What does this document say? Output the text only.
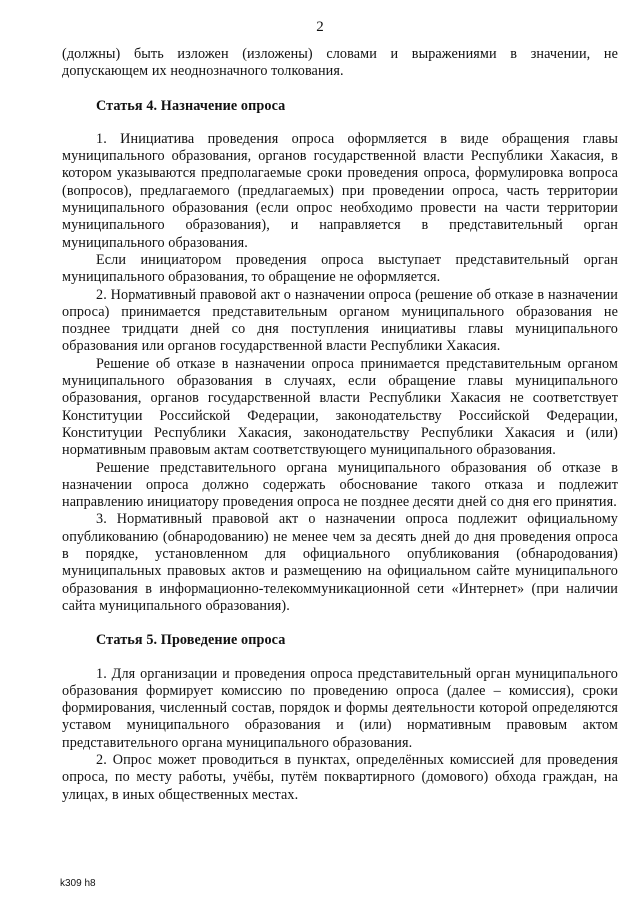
2

(должны) быть изложен (изложены) словами и выражениями в значении, не допускающем их неоднозначного толкования.

Статья 4. Назначение опроса

1. Инициатива проведения опроса оформляется в виде обращения главы муниципального образования, органов государственной власти Республики Хакасия, в котором указываются предполагаемые сроки проведения опроса, формулировка вопроса (вопросов), предлагаемого (предлагаемых) при проведении опроса, часть территории муниципального образования (если опрос необходимо провести на части территории муниципального образования), и направляется в представительный орган муниципального образования.

Если инициатором проведения опроса выступает представительный орган муниципального образования, то обращение не оформляется.

2. Нормативный правовой акт о назначении опроса (решение об отказе в назначении опроса) принимается представительным органом муниципального образования не позднее тридцати дней со дня поступления инициативы главы муниципального образования или органов государственной власти Республики Хакасия.

Решение об отказе в назначении опроса принимается представительным органом муниципального образования в случаях, если обращение главы муниципального образования, органов государственной власти Республики Хакасия не соответствует Конституции Российской Федерации, законодательству Российской Федерации, Конституции Республики Хакасия, законодательству Республики Хакасия и (или) нормативным правовым актам соответствующего муниципального образования.

Решение представительного органа муниципального образования об отказе в назначении опроса должно содержать обоснование такого отказа и подлежит направлению инициатору проведения опроса не позднее десяти дней со дня его принятия.

3. Нормативный правовой акт о назначении опроса подлежит официальному опубликованию (обнародованию) не менее чем за десять дней до дня проведения опроса в порядке, установленном для официального опубликования (обнародования) муниципальных правовых актов и размещению на официальном сайте муниципального образования в информационно-телекоммуникационной сети «Интернет» (при наличии сайта муниципального образования).

Статья 5. Проведение опроса

1. Для организации и проведения опроса представительный орган муниципального образования формирует комиссию по проведению опроса (далее – комиссия), сроки формирования, численный состав, порядок и формы деятельности которой определяются уставом муниципального образования и (или) нормативным правовым актом представительного органа муниципального образования.

2. Опрос может проводиться в пунктах, определённых комиссией для проведения опроса, по месту работы, учёбы, путём поквартирного (домового) обхода граждан, на улицах, в иных общественных местах.

k309 h8
